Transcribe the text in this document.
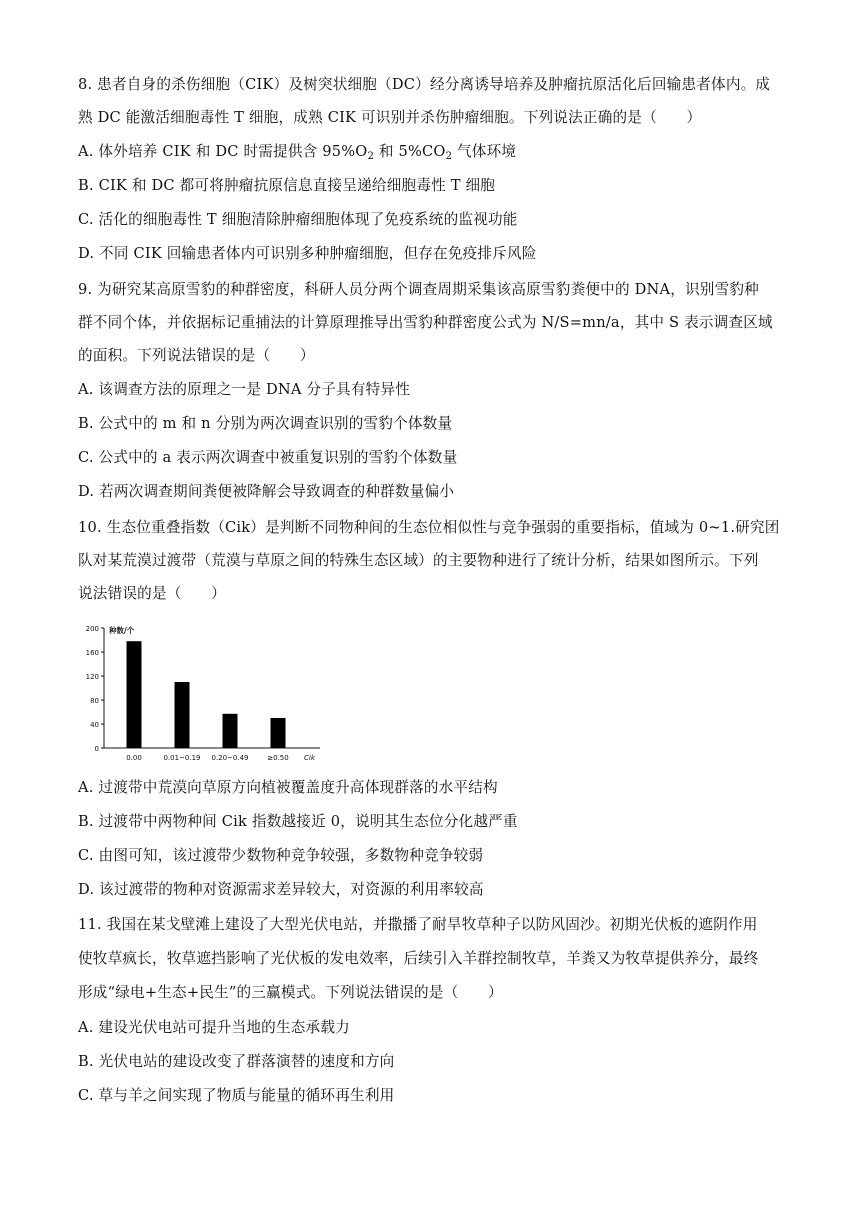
8. 患者自身的杀伤细胞（CIK）及树突状细胞（DC）经分离诱导培养及肿瘤抗原活化后回输患者体内。成
熟 DC 能激活细胞毒性 T 细胞，成熟 CIK 可识别并杀伤肿瘤细胞。下列说法正确的是（　　）
A. 体外培养 CIK 和 DC 时需提供含 $95\%O_2$ 和 $5\%CO_2$ 气体环境
B. CIK 和 DC 都可将肿瘤抗原信息直接呈递给细胞毒性 T 细胞
C. 活化的细胞毒性 T 细胞清除肿瘤细胞体现了免疫系统的监视功能
D. 不同 CIK 回输患者体内可识别多种肿瘤细胞，但存在免疫排斥风险
9. 为研究某高原雪豹的种群密度，科研人员分两个调查周期采集该高原雪豹粪便中的 DNA，识别雪豹种
群不同个体，并依据标记重捕法的计算原理推导出雪豹种群密度公式为 N/S=mn/a，其中 S 表示调查区域
的面积。下列说法错误的是（　　）
A. 该调查方法的原理之一是 DNA 分子具有特异性
B. 公式中的 m 和 n 分别为两次调查识别的雪豹个体数量
C. 公式中的 a 表示两次调查中被重复识别的雪豹个体数量
D. 若两次调查期间粪便被降解会导致调查的种群数量偏小
10. 生态位重叠指数（Cik）是判断不同物种间的生态位相似性与竞争强弱的重要指标，值域为 0~1.研究团
队对某荒漠过渡带（荒漠与草原之间的特殊生态区域）的主要物种进行了统计分析，结果如图所示。下列
说法错误的是（　　）
0
40
80
120
160
200 种数/个
0.00	0.01~0.19 0.20~0.49	≥0.50 Cik
A. 过渡带中荒漠向草原方向植被覆盖度升高体现群落的水平结构
B. 过渡带中两物种间 Cik 指数越接近 0，说明其生态位分化越严重
C. 由图可知，该过渡带少数物种竞争较强，多数物种竞争较弱
D. 该过渡带的物种对资源需求差异较大，对资源的利用率较高
11. 我国在某戈壁滩上建设了大型光伏电站，并撒播了耐旱牧草种子以防风固沙。初期光伏板的遮阴作用
使牧草疯长，牧草遮挡影响了光伏板的发电效率，后续引入羊群控制牧草，羊粪又为牧草提供养分，最终
形成“绿电+生态+民生”的三赢模式。下列说法错误的是（　　）
A. 建设光伏电站可提升当地的生态承载力
B. 光伏电站的建设改变了群落演替的速度和方向
C. 草与羊之间实现了物质与能量的循环再生利用
